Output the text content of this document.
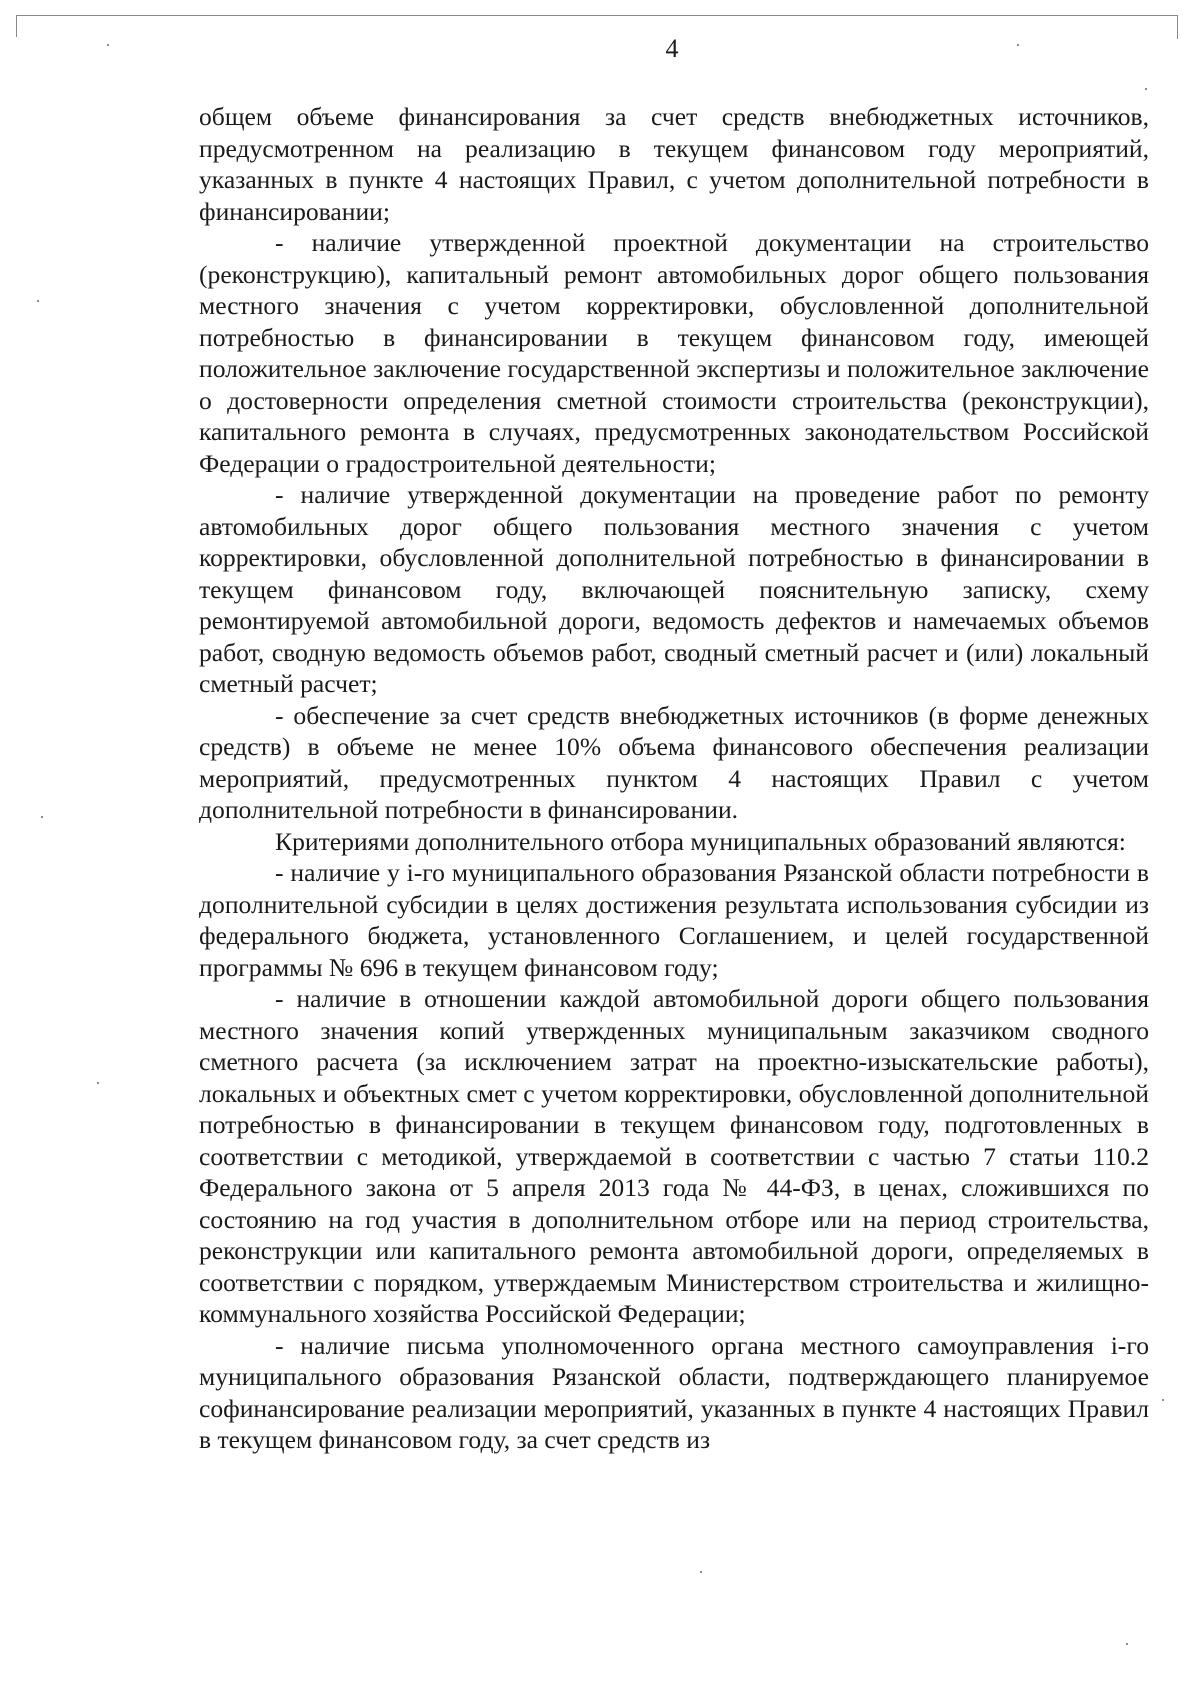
4

общем объеме финансирования за счет средств внебюджетных источников, предусмотренном на реализацию в текущем финансовом году мероприятий, указанных в пункте 4 настоящих Правил, с учетом дополнительной потребности в финансировании;

- наличие утвержденной проектной документации на строительство (реконструкцию), капитальный ремонт автомобильных дорог общего пользования местного значения с учетом корректировки, обусловленной дополнительной потребностью в финансировании в текущем финансовом году, имеющей положительное заключение государственной экспертизы и положительное заключение о достоверности определения сметной стоимости строительства (реконструкции), капитального ремонта в случаях, предусмотренных законодательством Российской Федерации о градостроительной деятельности;

- наличие утвержденной документации на проведение работ по ремонту автомобильных дорог общего пользования местного значения с учетом корректировки, обусловленной дополнительной потребностью в финансировании в текущем финансовом году, включающей пояснительную записку, схему ремонтируемой автомобильной дороги, ведомость дефектов и намечаемых объемов работ, сводную ведомость объемов работ, сводный сметный расчет и (или) локальный сметный расчет;

- обеспечение за счет средств внебюджетных источников (в форме денежных средств) в объеме не менее 10% объема финансового обеспечения реализации мероприятий, предусмотренных пунктом 4 настоящих Правил с учетом дополнительной потребности в финансировании.

Критериями дополнительного отбора муниципальных образований являются:

- наличие у i-го муниципального образования Рязанской области потребности в дополнительной субсидии в целях достижения результата использования субсидии из федерального бюджета, установленного Соглашением, и целей государственной программы № 696 в текущем финансовом году;

- наличие в отношении каждой автомобильной дороги общего пользования местного значения копий утвержденных муниципальным заказчиком сводного сметного расчета (за исключением затрат на проектно-изыскательские работы), локальных и объектных смет с учетом корректировки, обусловленной дополнительной потребностью в финансировании в текущем финансовом году, подготовленных в соответствии с методикой, утверждаемой в соответствии с частью 7 статьи 110.2 Федерального закона от 5 апреля 2013 года № 44-ФЗ, в ценах, сложившихся по состоянию на год участия в дополнительном отборе или на период строительства, реконструкции или капитального ремонта автомобильной дороги, определяемых в соответствии с порядком, утверждаемым Министерством строительства и жилищно-коммунального хозяйства Российской Федерации;

- наличие письма уполномоченного органа местного самоуправления i-го муниципального образования Рязанской области, подтверждающего планируемое софинансирование реализации мероприятий, указанных в пункте 4 настоящих Правил в текущем финансовом году, за счет средств из
